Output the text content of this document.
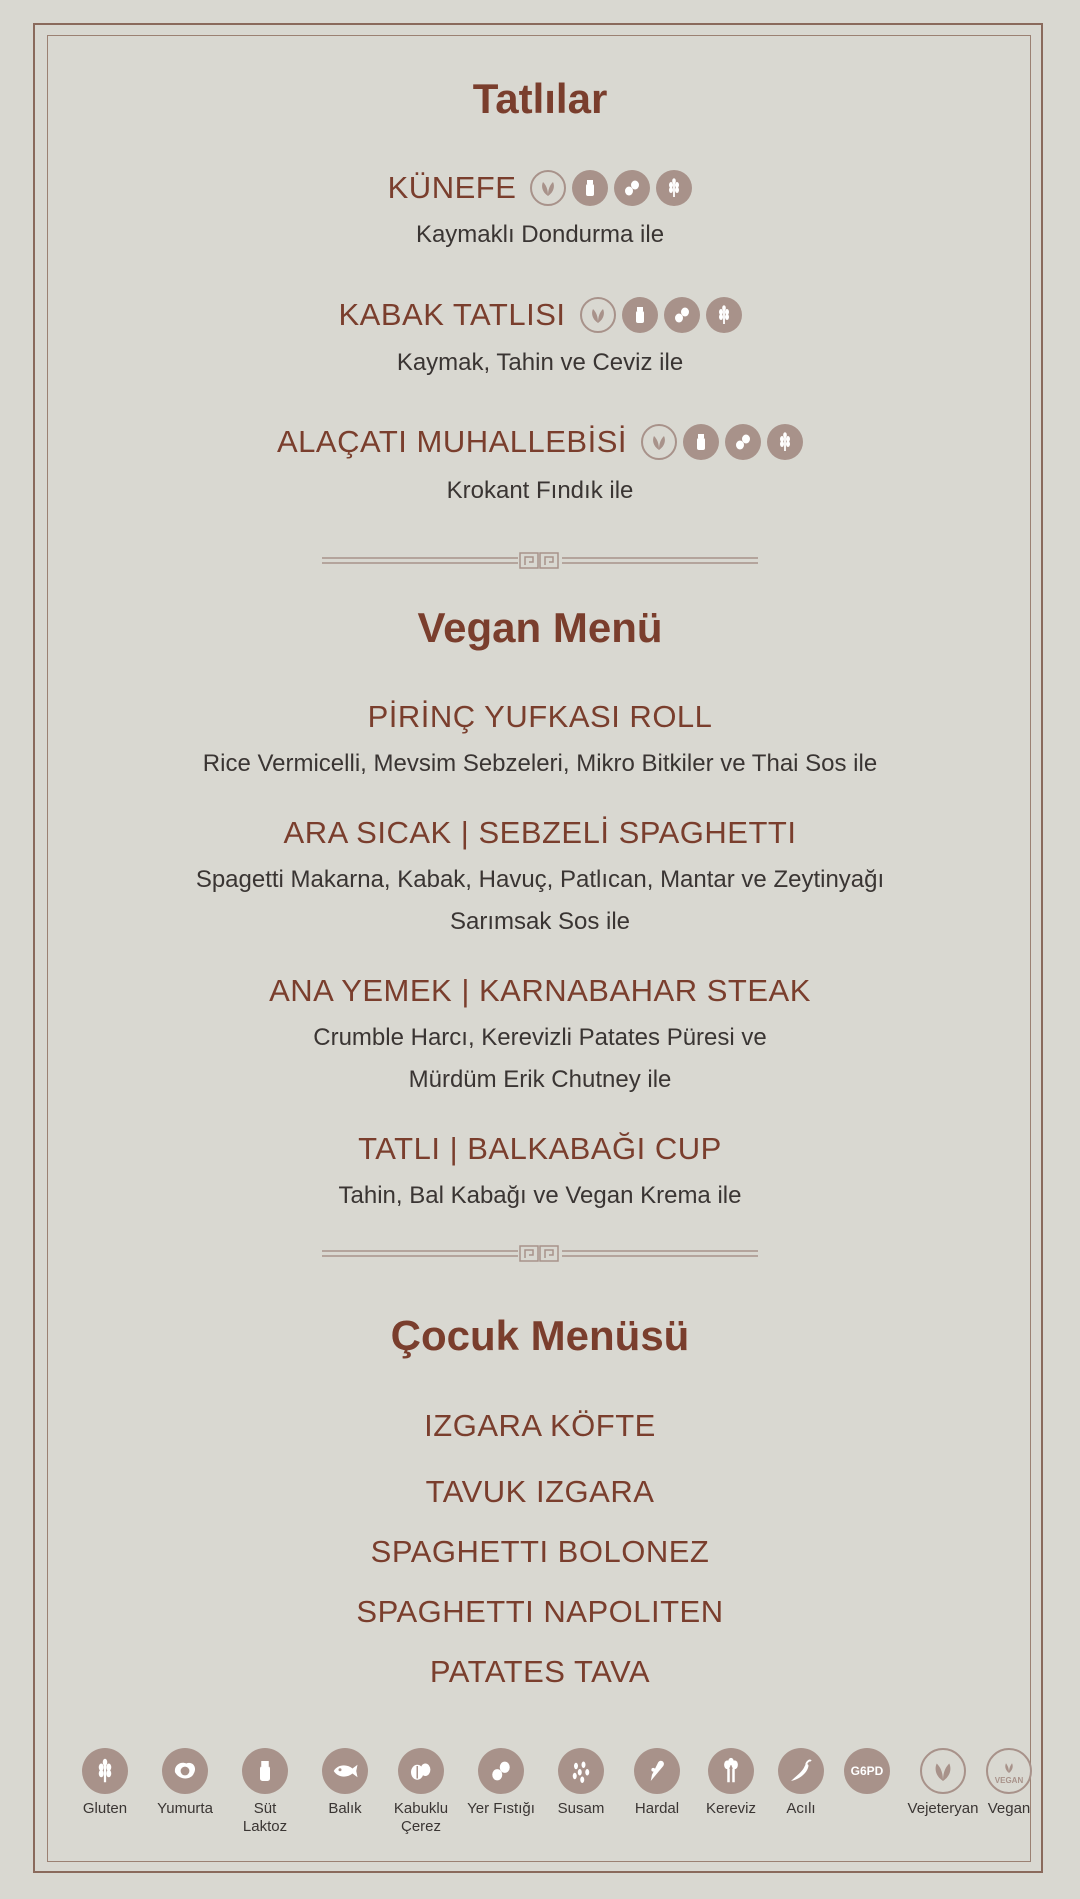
Tatlılar
KÜNEFE
Kaymaklı Dondurma ile
KABAK TATLISI
Kaymak, Tahin ve Ceviz ile
ALAÇATI MUHALLEBİSİ
Krokant Fındık ile
Vegan Menü
PİRİNÇ YUFKASI ROLL
Rice Vermicelli, Mevsim Sebzeleri, Mikro Bitkiler ve Thai Sos ile
ARA SICAK | SEBZELİ SPAGHETTI
Spagetti Makarna, Kabak, Havuç, Patlıcan, Mantar ve Zeytinyağı
Sarımsak Sos ile
ANA YEMEK | KARNABAHAR STEAK
Crumble Harcı, Kerevizli Patates Püresi ve
Mürdüm Erik Chutney ile
TATLI | BALKABAĞI CUP
Tahin, Bal Kabağı ve Vegan Krema ile
Çocuk Menüsü
IZGARA KÖFTE
TAVUK IZGARA
SPAGHETTI BOLONEZ
SPAGHETTI NAPOLITEN
PATATES TAVA
Gluten	Yumurta	Süt
Laktoz
Balık	Kabuklu
Çerez
Yer Fıstığı	Susam	Hardal	Kereviz	Acılı
G6PD
Vejeteryan
VEGAN
Vegan
